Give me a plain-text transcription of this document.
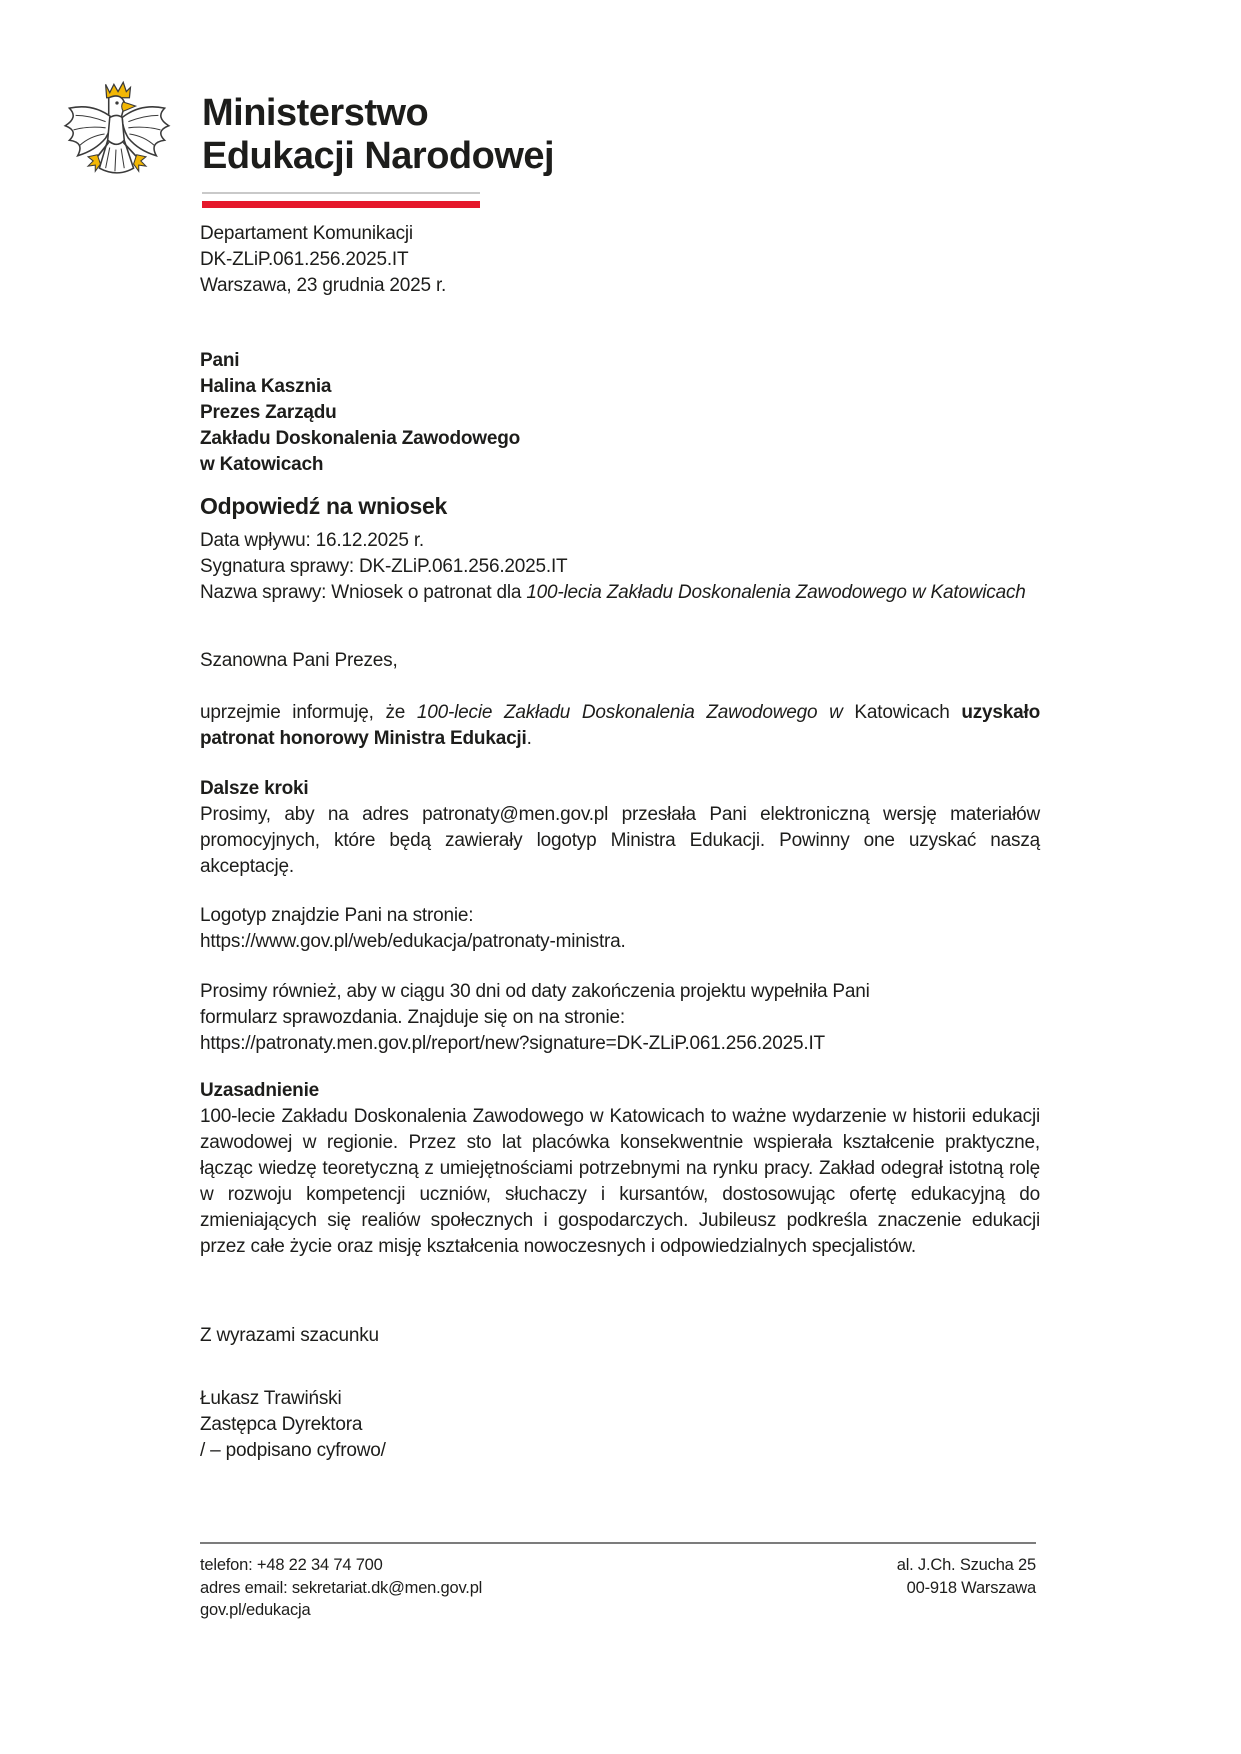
Ministerstwo
Edukacji Narodowej
Departament Komunikacji
DK-ZLiP.061.256.2025.IT
Warszawa, 23 grudnia 2025 r.
Pani
Halina Kasznia
Prezes Zarządu
Zakładu Doskonalenia Zawodowego
w Katowicach
Odpowiedź na wniosek
Data wpływu: 16.12.2025 r.
Sygnatura sprawy: DK-ZLiP.061.256.2025.IT

Nazwa sprawy: Wniosek o patronat dla 100-lecia Zakładu Doskonalenia Zawodowego w Katowicach

Szanowna Pani Prezes,

uprzejmie informuję, że 100-lecie Zakładu Doskonalenia Zawodowego w Katowicach uzyskało patronat honorowy Ministra Edukacji.

Dalsze kroki

Prosimy, aby na adres patronaty@men.gov.pl przesłała Pani elektroniczną wersję materiałów promocyjnych, które będą zawierały logotyp Ministra Edukacji. Powinny one uzyskać naszą akceptację.

Logotyp znajdzie Pani na stronie:
https://www.gov.pl/web/edukacja/patronaty-ministra.
Prosimy również, aby w ciągu 30 dni od daty zakończenia projektu wypełniła Pani
formularz sprawozdania. Znajduje się on na stronie:
https://patronaty.men.gov.pl/report/new?signature=DK-ZLiP.061.256.2025.IT
Uzasadnienie

100-lecie Zakładu Doskonalenia Zawodowego w Katowicach to ważne wydarzenie w historii edukacji zawodowej w regionie. Przez sto lat placówka konsekwentnie wspierała kształcenie praktyczne, łącząc wiedzę teoretyczną z umiejętnościami potrzebnymi na rynku pracy. Zakład odegrał istotną rolę w rozwoju kompetencji uczniów, słuchaczy i kursantów, dostosowując ofertę edukacyjną do zmieniających się realiów społecznych i gospodarczych. Jubileusz podkreśla znaczenie edukacji przez całe życie oraz misję kształcenia nowoczesnych i odpowiedzialnych specjalistów.

Z wyrazami szacunku
Łukasz Trawiński
Zastępca Dyrektora
/ – podpisano cyfrowo/
telefon: +48 22 34 74 700
adres email: sekretariat.dk@men.gov.pl
gov.pl/edukacja
al. J.Ch. Szucha 25
00-918 Warszawa
